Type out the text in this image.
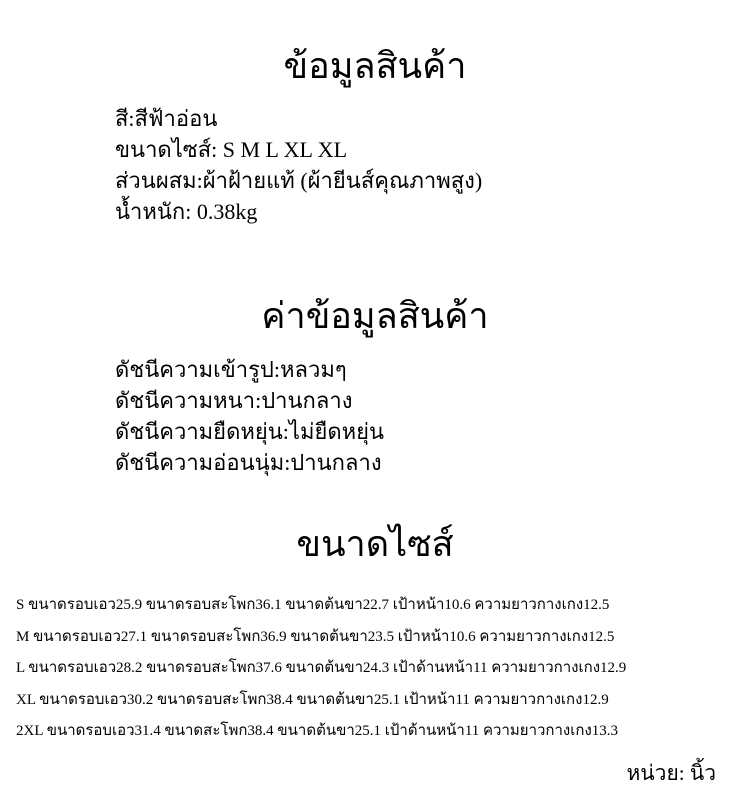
ข้อมูลสินค้า
สี:สีฟ้าอ่อน
ขนาดไซส์: S M L XL XL
ส่วนผสม:ผ้าฝ้ายแท้ (ผ้ายีนส์คุณภาพสูง)
น้ำหนัก: 0.38kg
ค่าข้อมูลสินค้า
ดัชนีความเข้ารูป:หลวมๆ
ดัชนีความหนา:ปานกลาง
ดัชนีความยืดหยุ่น:ไม่ยืดหยุ่น
ดัชนีความอ่อนนุ่ม:ปานกลาง
ขนาดไซส์
S ขนาดรอบเอว25.9 ขนาดรอบสะโพก36.1 ขนาดต้นขา22.7 เป้าหน้า10.6 ความยาวกางเกง12.5
M ขนาดรอบเอว27.1 ขนาดรอบสะโพก36.9 ขนาดต้นขา23.5 เป้าหน้า10.6 ความยาวกางเกง12.5
L ขนาดรอบเอว28.2 ขนาดรอบสะโพก37.6 ขนาดต้นขา24.3 เป้าด้านหน้า11 ความยาวกางเกง12.9
XL ขนาดรอบเอว30.2 ขนาดรอบสะโพก38.4 ขนาดต้นขา25.1 เป้าหน้า11 ความยาวกางเกง12.9
2XL ขนาดรอบเอว31.4 ขนาดสะโพก38.4 ขนาดต้นขา25.1 เป้าด้านหน้า11 ความยาวกางเกง13.3
หน่วย: นิ้ว
